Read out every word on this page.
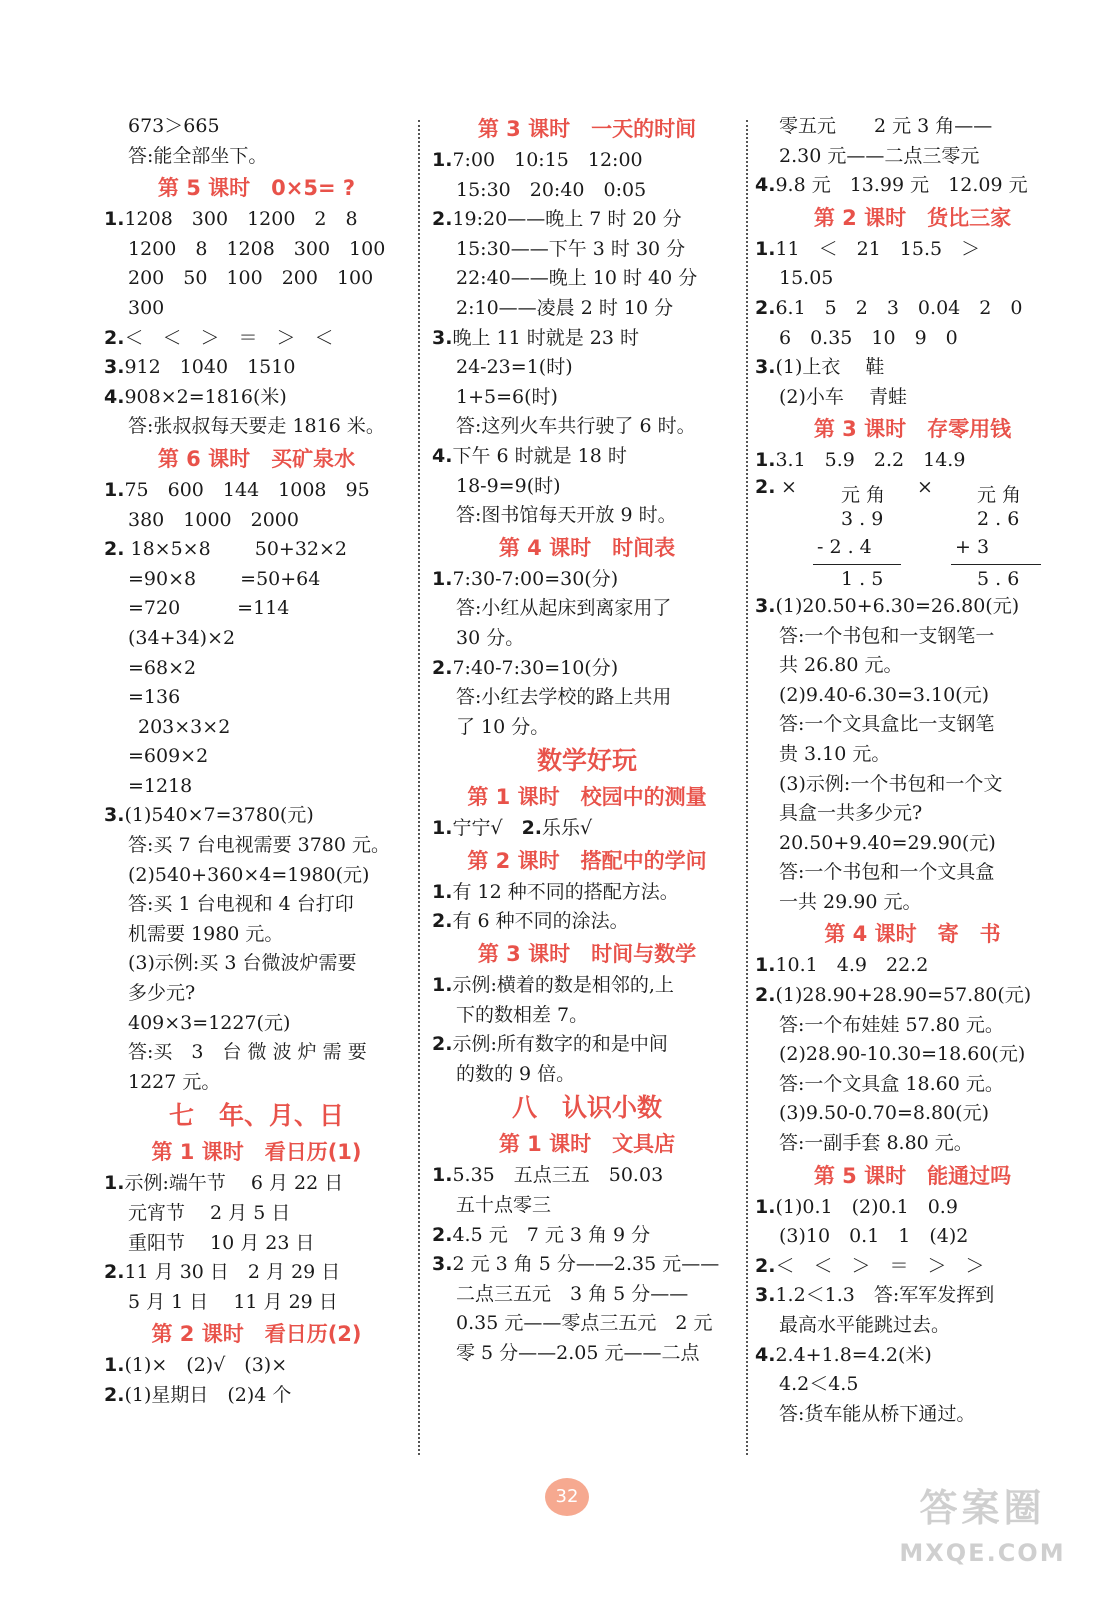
673＞665
答:能全部坐下。
第 5 课时　0×5= ?
1.1208　300　1200　2　8
1200　8　1208　300　100
200　50　100　200　100
300
2.＜　＜　＞　＝　＞　＜
3.912　1040　1510
4.908×2=1816(米)
答:张叔叔每天要走 1816 米。
第 6 课时　买矿泉水
1.75　600　144　1008　95
380　1000　2000
2. 18×5×8　　 50+32×2
=90×8　　 =50+64
=720　　　=114
(34+34)×2
=68×2
=136
203×3×2
=609×2
=1218
3.(1)540×7=3780(元)
答:买 7 台电视需要 3780 元。
(2)540+360×4=1980(元)
答:买 1 台电视和 4 台打印
机需要 1980 元。
(3)示例:买 3 台微波炉需要
多少元?
409×3=1227(元)
答:买　3　台 微 波 炉 需 要
1227 元。
七　年、月、日
第 1 课时　看日历(1)
1.示例:端午节　 6 月 22 日
元宵节　 2 月 5 日
重阳节　 10 月 23 日
2.11 月 30 日　2 月 29 日
5 月 1 日　 11 月 29 日
第 2 课时　看日历(2)
1.(1)×　(2)√　(3)×
2.(1)星期日　(2)4 个
第 3 课时　一天的时间
1.7:00　10:15　12:00
15:30　20:40　0:05
2.19:20——晚上 7 时 20 分
15:30——下午 3 时 30 分
22:40——晚上 10 时 40 分
2:10——凌晨 2 时 10 分
3.晚上 11 时就是 23 时
24-23=1(时)
1+5=6(时)
答:这列火车共行驶了 6 时。
4.下午 6 时就是 18 时
18-9=9(时)
答:图书馆每天开放 9 时。
第 4 课时　时间表
1.7:30-7:00=30(分)
答:小红从起床到离家用了
30 分。
2.7:40-7:30=10(分)
答:小红去学校的路上共用
了 10 分。
数学好玩
第 1 课时　校园中的测量
1.宁宁√　 2.乐乐√
第 2 课时　搭配中的学问
1.有 12 种不同的搭配方法。
2.有 6 种不同的涂法。
第 3 课时　时间与数学
1.示例:横着的数是相邻的,上
下的数相差 7。
2.示例:所有数字的和是中间
的数的 9 倍。
八　认识小数
第 1 课时　文具店
1.5.35　五点三五　50.03
五十点零三
2.4.5 元　7 元 3 角 9 分
3.2 元 3 角 5 分——2.35 元——
二点三五元　3 角 5 分——
0.35 元——零点三五元　2 元
零 5 分——2.05 元——二点
零五元　　2 元 3 角——
2.30 元——二点三零元
4.9.8 元　13.99 元　12.09 元
第 2 课时　货比三家
1.11　＜　21　15.5　＞
15.05
2.6.1　5　2　3　0.04　2　0
6　0.35　10　9　0
3.(1)上衣　 鞋
(2)小车　 青蛙
第 3 课时　存零用钱
1.3.1　5.9　2.2　14.9
2. × 元 角
3 . 9
- 2 . 4
1 . 5
× 元 角
2 . 6
+ 3
5 . 6
3.(1)20.50+6.30=26.80(元)
答:一个书包和一支钢笔一
共 26.80 元。
(2)9.40-6.30=3.10(元)
答:一个文具盒比一支钢笔
贵 3.10 元。
(3)示例:一个书包和一个文
具盒一共多少元?
20.50+9.40=29.90(元)
答:一个书包和一个文具盒
一共 29.90 元。
第 4 课时　寄　书
1.10.1　4.9　22.2
2.(1)28.90+28.90=57.80(元)
答:一个布娃娃 57.80 元。
(2)28.90-10.30=18.60(元)
答:一个文具盒 18.60 元。
(3)9.50-0.70=8.80(元)
答:一副手套 8.80 元。
第 5 课时　能通过吗
1.(1)0.1　(2)0.1　0.9
(3)10　0.1　1　(4)2
2.＜　＜　＞　＝　＞　＞
3.1.2＜1.3　答:军军发挥到
最高水平能跳过去。
4.2.4+1.8=4.2(米)
4.2＜4.5
答:货车能从桥下通过。
32	答案圈
MXQE.COM
